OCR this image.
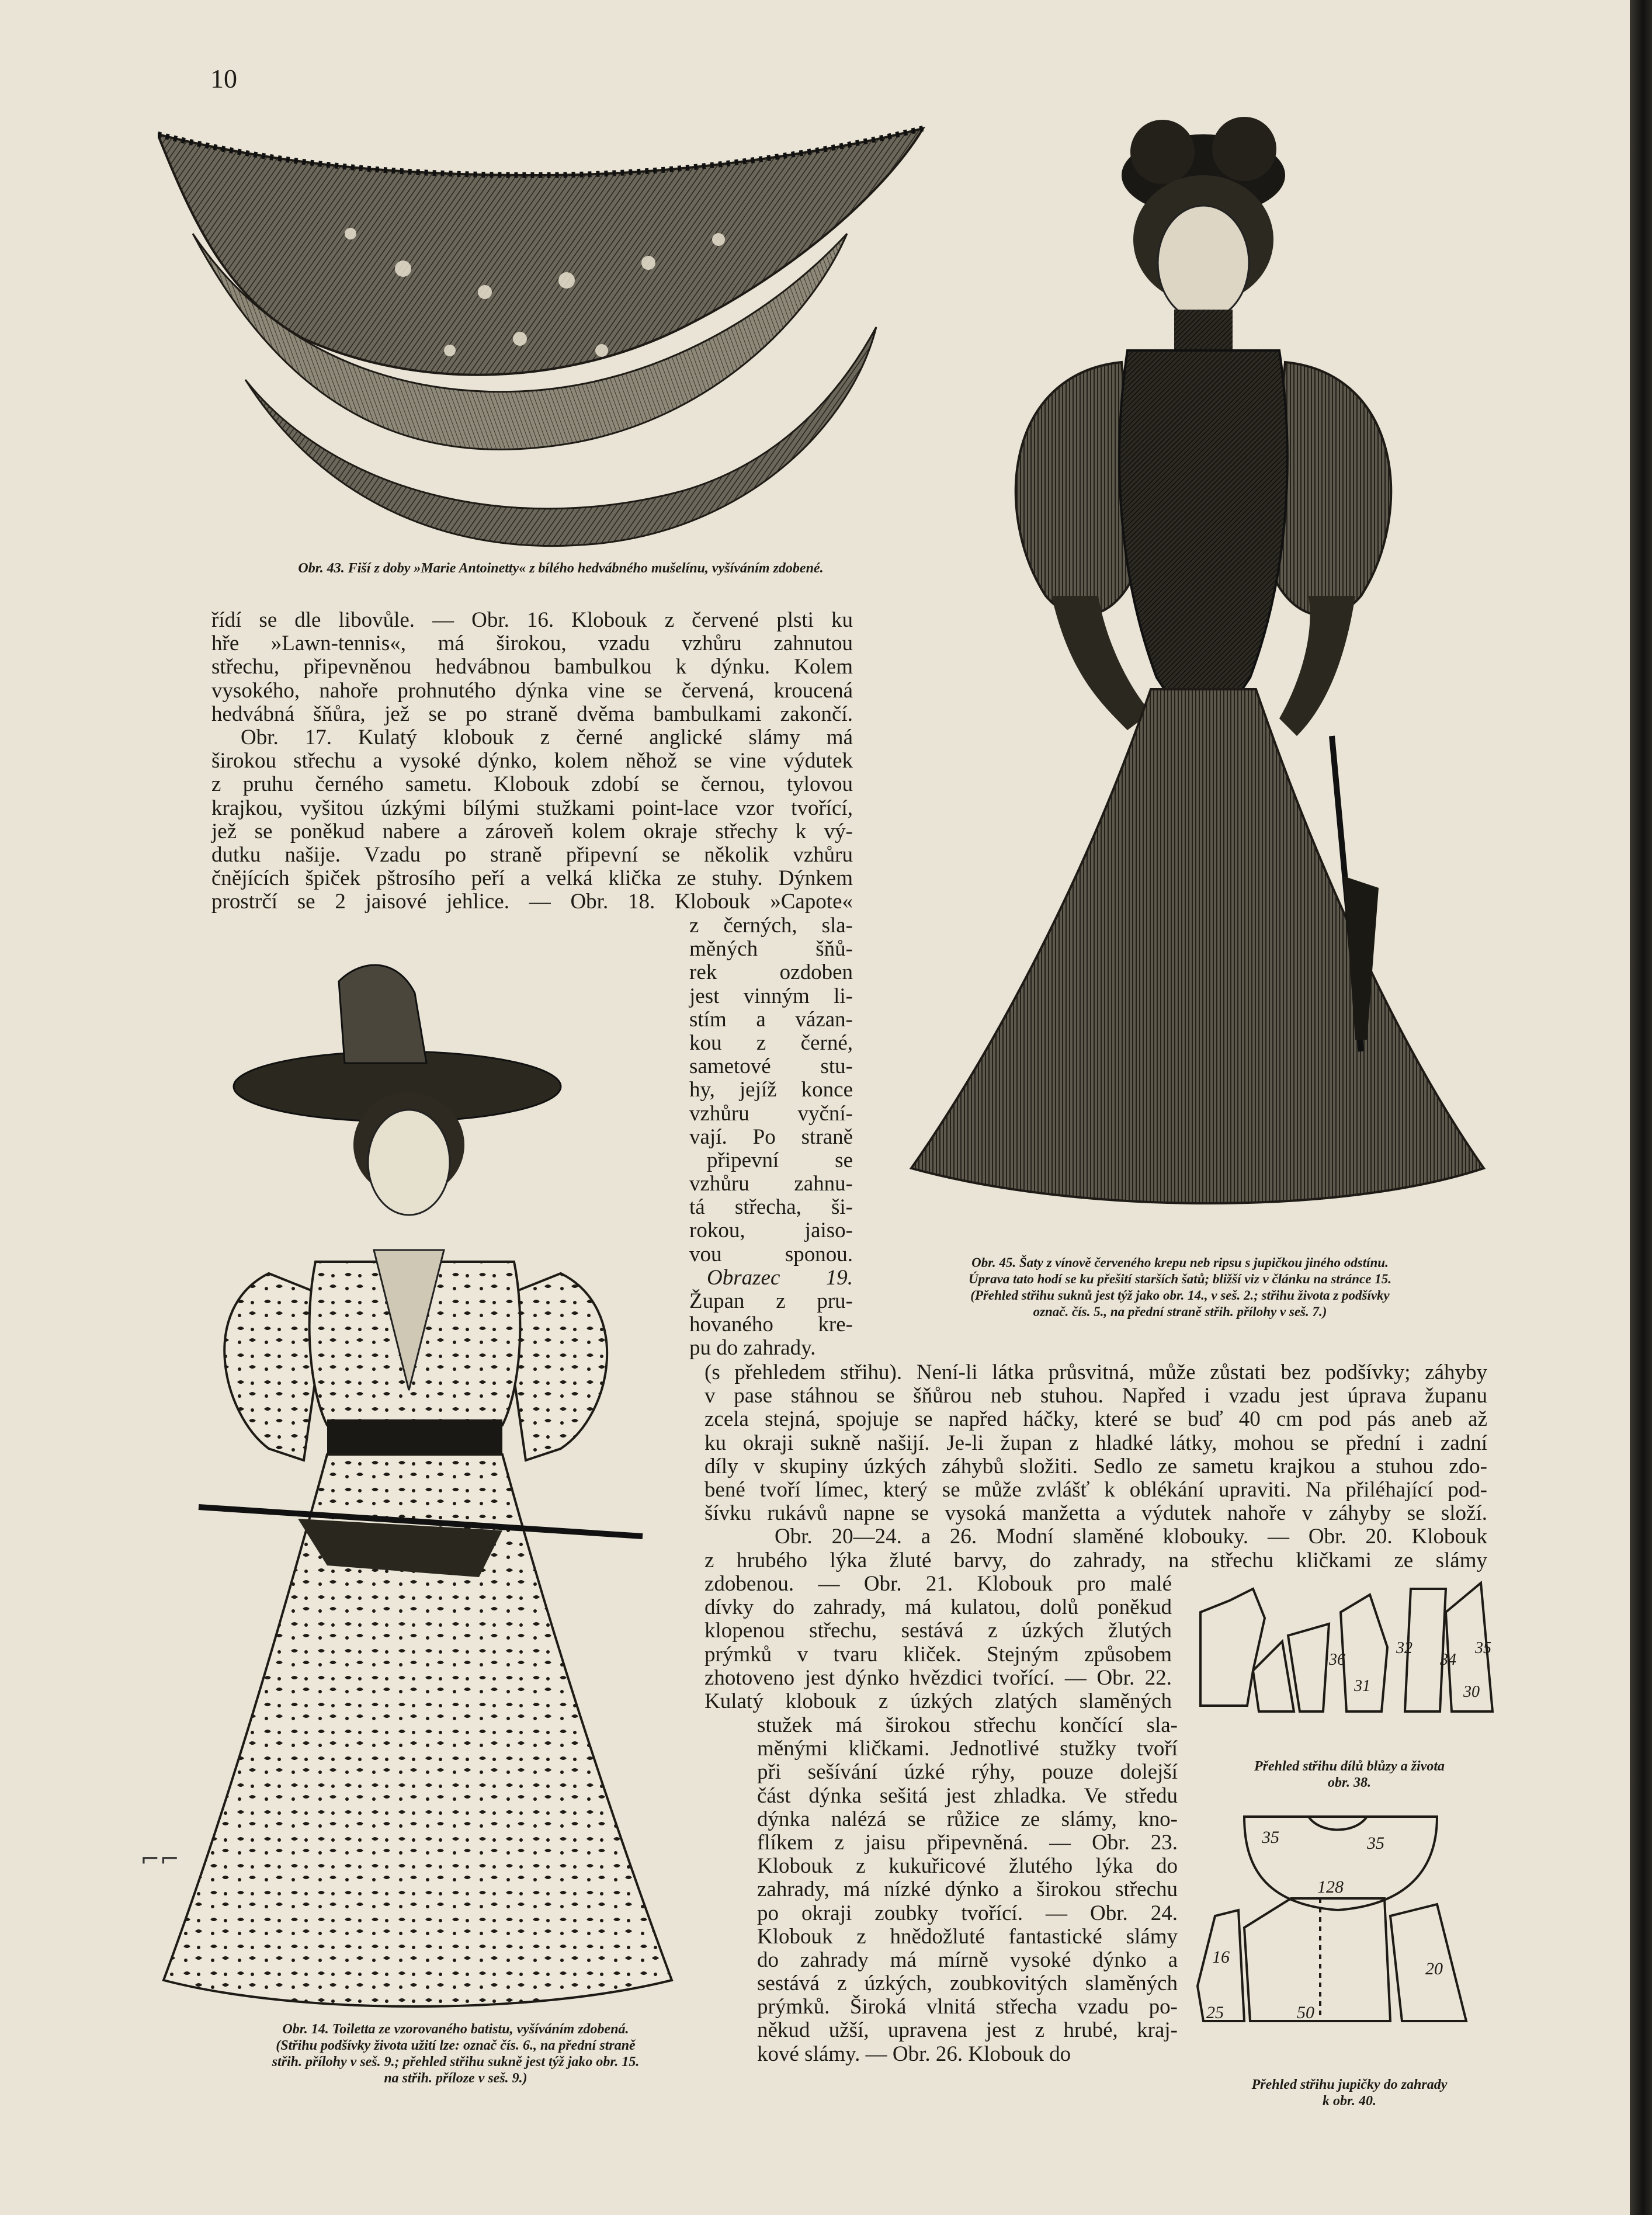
10
Obr. 43. Fiší z doby »Marie Antoinetty« z bílého hedvábného mušelínu, vyšíváním zdobené.
Obr. 45. Šaty z vínově červeného krepu neb ripsu s jupičkou jiného odstínu.
Úprava tato hodí se ku přešití starších šatů; bližší viz v článku na stránce 15.
(Přehled střihu suknů jest týž jako obr. 14., v seš. 2.; střihu života z podšívky
označ. čís. 5., na přední straně střih. přílohy v seš. 7.)
řídí se dle libovůle. — Obr. 16. Klobouk z červené plsti ku
hře »Lawn-tennis«, má širokou, vzadu vzhůru zahnutou
střechu, připevněnou hedvábnou bambulkou k dýnku. Kolem
vysokého, nahoře prohnutého dýnka vine se červená, kroucená
hedvábná šňůra, jež se po straně dvěma bambulkami zakončí.
Obr. 17. Kulatý klobouk z černé anglické slámy má
širokou střechu a vysoké dýnko, kolem něhož se vine výdutek
z pruhu černého sametu. Klobouk zdobí se černou, tylovou
krajkou, vyšitou úzkými bílými stužkami point-lace vzor tvořící,
jež se poněkud nabere a zároveň kolem okraje střechy k vý-
dutku našije. Vzadu po straně připevní se několik vzhůru
čnějících špiček pštrosího peří a velká klička ze stuhy. Dýnkem
prostrčí se 2 jaisové jehlice. — Obr. 18. Klobouk »Capote«
Obr. 14. Toiletta ze vzorovaného batistu, vyšíváním zdobená.
(Střihu podšívky života užití lze: označ čís. 6., na přední straně
střih. přílohy v seš. 9.; přehled střihu sukně jest týž jako obr. 15.
na střih. příloze v seš. 9.)
z černých, sla-
měných šňů-
rek ozdoben
jest vinným li-
stím a vázan-
kou z černé,
sametové stu-
hy, jejíž konce
vzhůru vyční-
vají. Po straně
připevní se
vzhůru zahnu-
tá střecha, ši-
rokou, jaiso-
vou sponou.
Obrazec 19.
Župan z pru-
hovaného kre-
pu do zahrady.
(s přehledem střihu). Není-li látka průsvitná, může zůstati bez podšívky; záhyby
v pase stáhnou se šňůrou neb stuhou. Napřed i vzadu jest úprava županu
zcela stejná, spojuje se napřed háčky, které se buď 40 cm pod pás aneb až
ku okraji sukně našijí. Je-li župan z hladké látky, mohou se přední i zadní
díly v skupiny úzkých záhybů složiti. Sedlo ze sametu krajkou a stuhou zdo-
bené tvoří límec, který se může zvlášť k oblékání upraviti. Na přiléhající pod-
šívku rukávů napne se vysoká manžetta a výdutek nahoře v záhyby se složí.
Obr. 20—24. a 26. Modní slaměné klobouky. — Obr. 20. Klobouk
z hrubého lýka žluté barvy, do zahrady, na střechu kličkami ze slámy
zdobenou. — Obr. 21. Klobouk pro malé
dívky do zahrady, má kulatou, dolů poněkud
klopenou střechu, sestává z úzkých žlutých
prýmků v tvaru kliček. Stejným způsobem
zhotoveno jest dýnko hvězdici tvořící. — Obr. 22.
Kulatý klobouk z úzkých zlatých slaměných
stužek má širokou střechu končící sla-
měnými kličkami. Jednotlivé stužky tvoří
při sešívání úzké rýhy, pouze dolejší
část dýnka sešitá jest zhladka. Ve středu
dýnka nalézá se růžice ze slámy, kno-
flíkem z jaisu připevněná. — Obr. 23.
Klobouk z kukuřicové žlutého lýka do
zahrady, má nízké dýnko a širokou střechu
po okraji zoubky tvořící. — Obr. 24.
Klobouk z hnědožluté fantastické slámy
do zahrady má mírně vysoké dýnko a
sestává z úzkých, zoubkovitých slaměných
prýmků. Široká vlnitá střecha vzadu po-
někud užší, upravena jest z hrubé, kraj-
kové slámy. — Obr. 26. Klobouk do
31
32
36
30
34
35
Přehled střihu dílů blůzy a života
obr. 38.
35	35
128
16
25	50
20
Přehled střihu jupičky do zahrady
k obr. 40.
⌐⌐
